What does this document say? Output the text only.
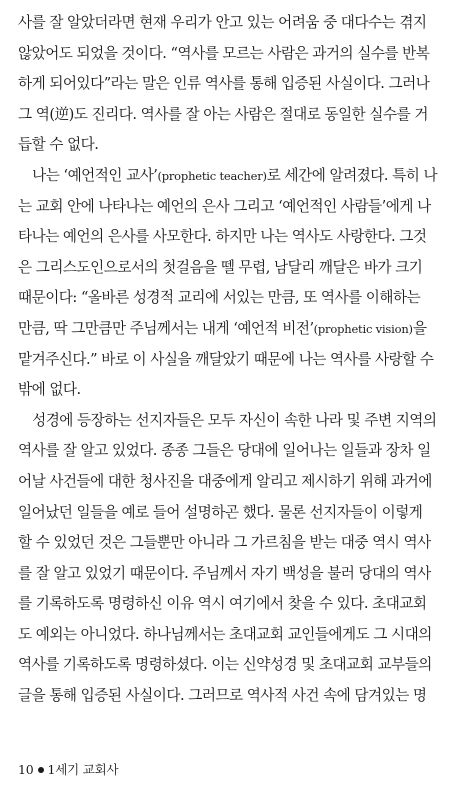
사를 잘 알았더라면 현재 우리가 안고 있는 어려움 중 대다수는 겪지
않았어도 되었을 것이다. “역사를 모르는 사람은 과거의 실수를 반복
하게 되어있다”라는 말은 인류 역사를 통해 입증된 사실이다. 그러나
그 역(逆)도 진리다. 역사를 잘 아는 사람은 절대로 동일한 실수를 거
듭할 수 없다.

　나는 ‘예언적인 교사’(prophetic teacher)로 세간에 알려졌다. 특히 나
는 교회 안에 나타나는 예언의 은사 그리고 ‘예언적인 사람들’에게 나
타나는 예언의 은사를 사모한다. 하지만 나는 역사도 사랑한다. 그것
은 그리스도인으로서의 첫걸음을 뗄 무렵, 남달리 깨달은 바가 크기
때문이다: “올바른 성경적 교리에 서있는 만큼, 또 역사를 이해하는
만큼, 딱 그만큼만 주님께서는 내게 ‘예언적 비전’(prophetic vision)을
맡겨주신다.” 바로 이 사실을 깨달았기 때문에 나는 역사를 사랑할 수
밖에 없다.

　성경에 등장하는 선지자들은 모두 자신이 속한 나라 및 주변 지역의
역사를 잘 알고 있었다. 종종 그들은 당대에 일어나는 일들과 장차 일
어날 사건들에 대한 청사진을 대중에게 알리고 제시하기 위해 과거에
일어났던 일들을 예로 들어 설명하곤 했다. 물론 선지자들이 이렇게
할 수 있었던 것은 그들뿐만 아니라 그 가르침을 받는 대중 역시 역사
를 잘 알고 있었기 때문이다. 주님께서 자기 백성을 불러 당대의 역사
를 기록하도록 명령하신 이유 역시 여기에서 찾을 수 있다. 초대교회
도 예외는 아니었다. 하나님께서는 초대교회 교인들에게도 그 시대의
역사를 기록하도록 명령하셨다. 이는 신약성경 및 초대교회 교부들의
글을 통해 입증된 사실이다. 그러므로 역사적 사건 속에 담겨있는 명

10 1세기 교회사
